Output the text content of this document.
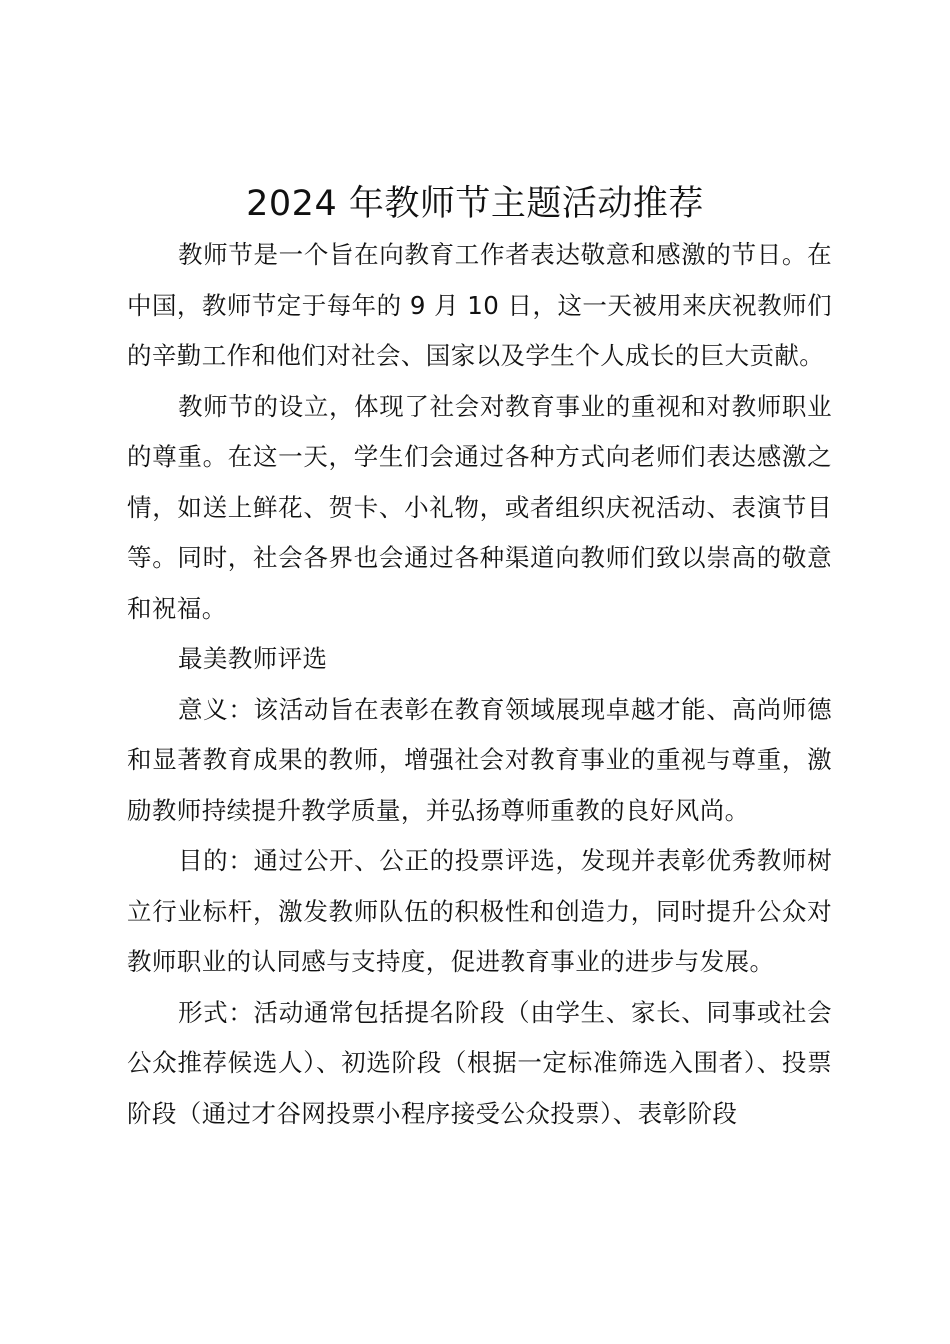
2024 年教师节主题活动推荐

教师节是一个旨在向教育工作者表达敬意和感激的节日。在中国，教师节定于每年的 9 月 10 日，这一天被用来庆祝教师们的辛勤工作和他们对社会、国家以及学生个人成长的巨大贡献。

教师节的设立，体现了社会对教育事业的重视和对教师职业的尊重。在这一天，学生们会通过各种方式向老师们表达感激之情，如送上鲜花、贺卡、小礼物，或者组织庆祝活动、表演节目等。同时，社会各界也会通过各种渠道向教师们致以崇高的敬意和祝福。

最美教师评选

意义：该活动旨在表彰在教育领域展现卓越才能、高尚师德和显著教育成果的教师，增强社会对教育事业的重视与尊重，激励教师持续提升教学质量，并弘扬尊师重教的良好风尚。

目的：通过公开、公正的投票评选，发现并表彰优秀教师树立行业标杆，激发教师队伍的积极性和创造力，同时提升公众对教师职业的认同感与支持度，促进教育事业的进步与发展。

形式：活动通常包括提名阶段（由学生、家长、同事或社会公众推荐候选人）、初选阶段（根据一定标准筛选入围者）、投票阶段（通过才谷网投票小程序接受公众投票）、表彰阶段
